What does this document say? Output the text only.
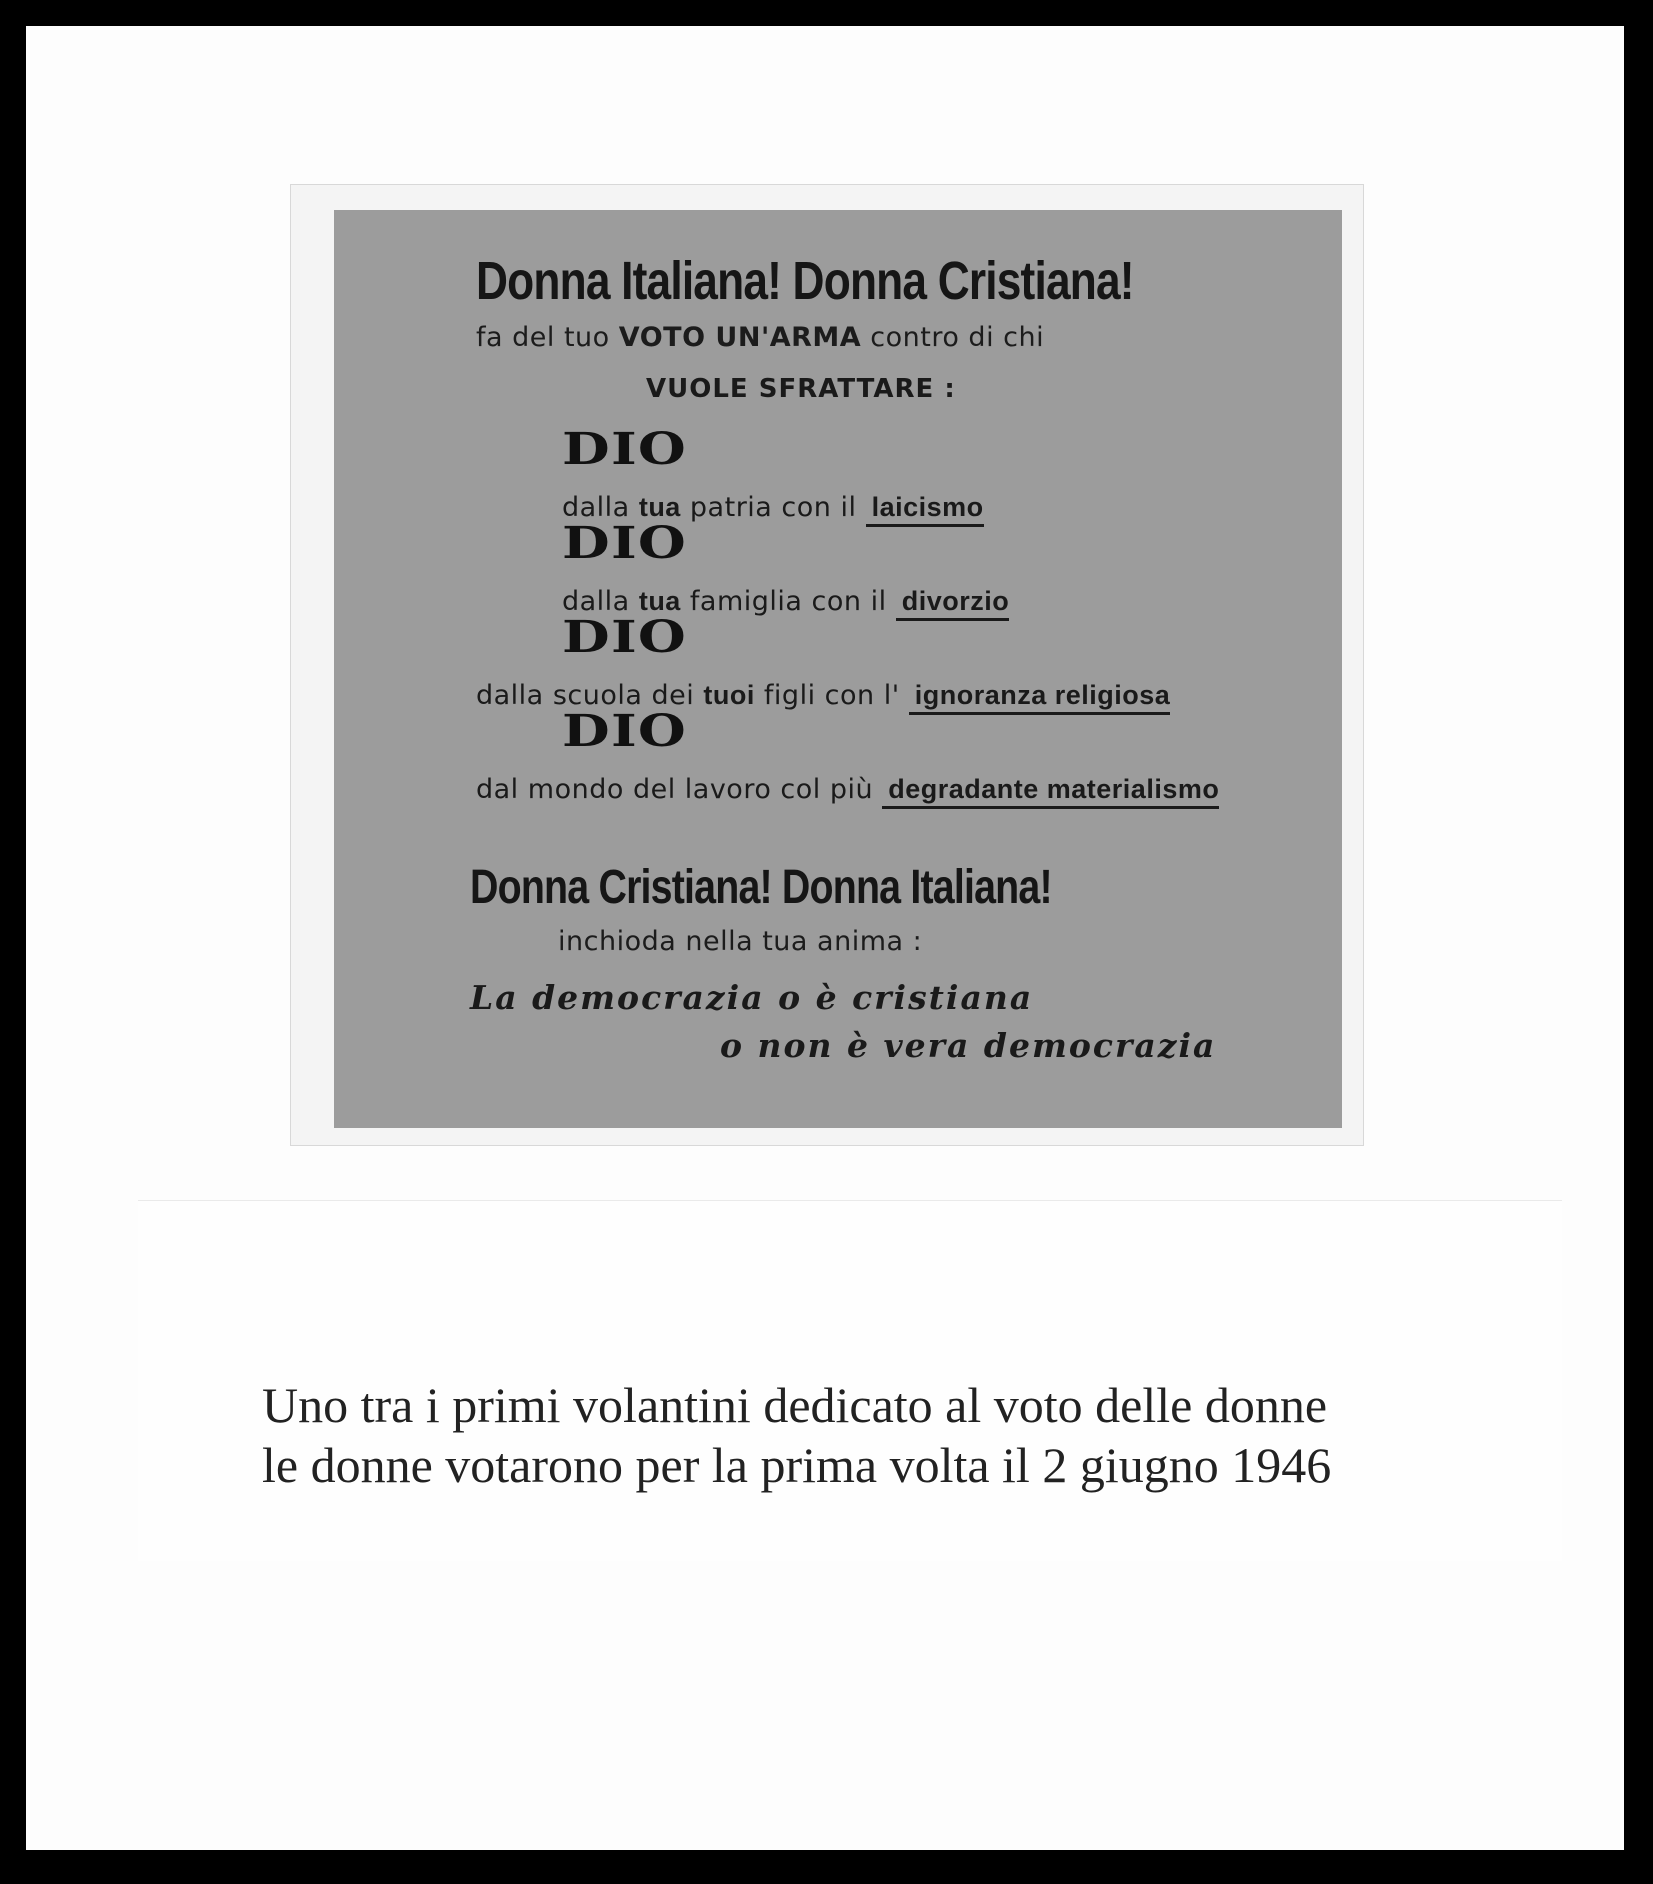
Donna Italiana! Donna Cristiana!
fa del tuo VOTO UN'ARMA contro di chi
VUOLE SFRATTARE :
DIO
dalla tua patria con il laicismo
DIO
dalla tua famiglia con il divorzio
DIO
dalla scuola dei tuoi figli con l' ignoranza religiosa
DIO
dal mondo del lavoro col più degradante materialismo
Donna Cristiana! Donna Italiana!
inchioda nella tua anima :
La democrazia o è cristiana
o non è vera democrazia
Uno tra i primi volantini dedicato al voto delle donne
le donne votarono per la prima volta il 2 giugno 1946
